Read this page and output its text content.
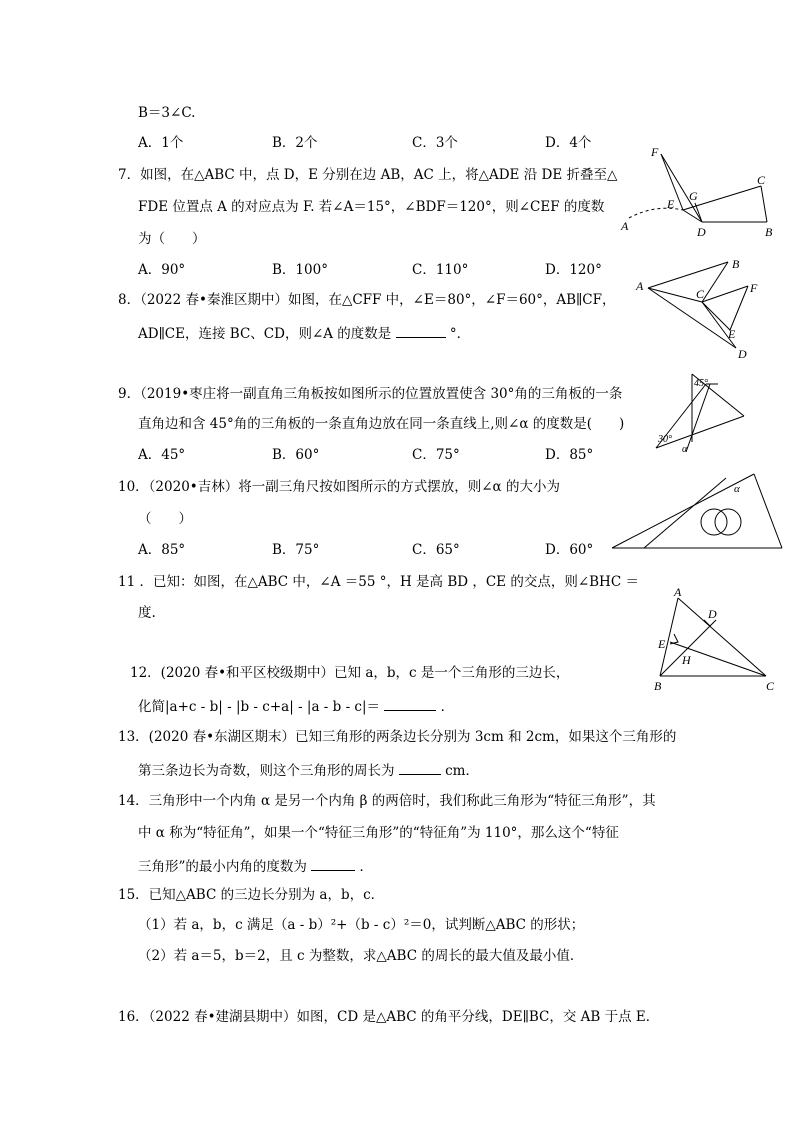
B＝3∠C.
A．1个	B．2个	C．3个	D．4个
7．如图，在△ABC 中，点 D，E 分别在边 AB，AC 上，将△ADE 沿 DE 折叠至△
FDE 位置点 A 的对应点为 F. 若∠A＝15°，∠BDF＝120°，则∠CEF 的度数
为（　　）
A．90°	B．100°	C．110°	D．120°
F
G
E
C
A	D	B
8．（2022 春•秦淮区期中）如图，在△CFF 中，∠E＝80°，∠F＝60°，AB∥CF，
AD∥CE，连接 BC、CD，则∠A 的度数是	°．
A
B
C	F
E
D
9．（2019•枣庄将一副直角三角板按如图所示的位置放置使含 30°角的三角板的一条
直角边和含 45°角的三角板的一条直角边放在同一条直线上,则∠α 的度数是(　　)
A．45°	B．60°	C．75°	D．85°
45°
30°
α
10．（2020•吉林）将一副三角尺按如图所示的方式摆放，则∠α 的大小为
（　　）
A．85°	B．75°	C．65°	D．60°
α
11 ．已知：如图，在△ABC 中，∠A ＝55 °，H 是高 BD ，CE 的交点，则∠BHC ＝
度.
A
D
E
H
B	C
12．(2020 春•和平区校级期中）已知 a，b，c 是一个三角形的三边长，
化简|a+c - b| - |b - c+a| - |a - b - c|＝	．
13．(2020 春•东湖区期末）已知三角形的两条边长分别为 3cm 和 2cm，如果这个三角形的
第三条边长为奇数，则这个三角形的周长为	cm．
14．三角形中一个内角 α 是另一个内角 β 的两倍时，我们称此三角形为“特征三角形”，其
中 α 称为“特征角”，如果一个“特征三角形”的“特征角”为 110°，那么这个“特征
三角形”的最小内角的度数为	．
15．已知△ABC 的三边长分别为 a，b，c．
（1）若 a，b，c 满足（a - b）²+（b - c）²＝0，试判断△ABC 的形状；
（2）若 a＝5，b＝2，且 c 为整数，求△ABC 的周长的最大值及最小值．
16．（2022 春•建湖县期中）如图，CD 是△ABC 的角平分线，DE∥BC，交 AB 于点 E．
